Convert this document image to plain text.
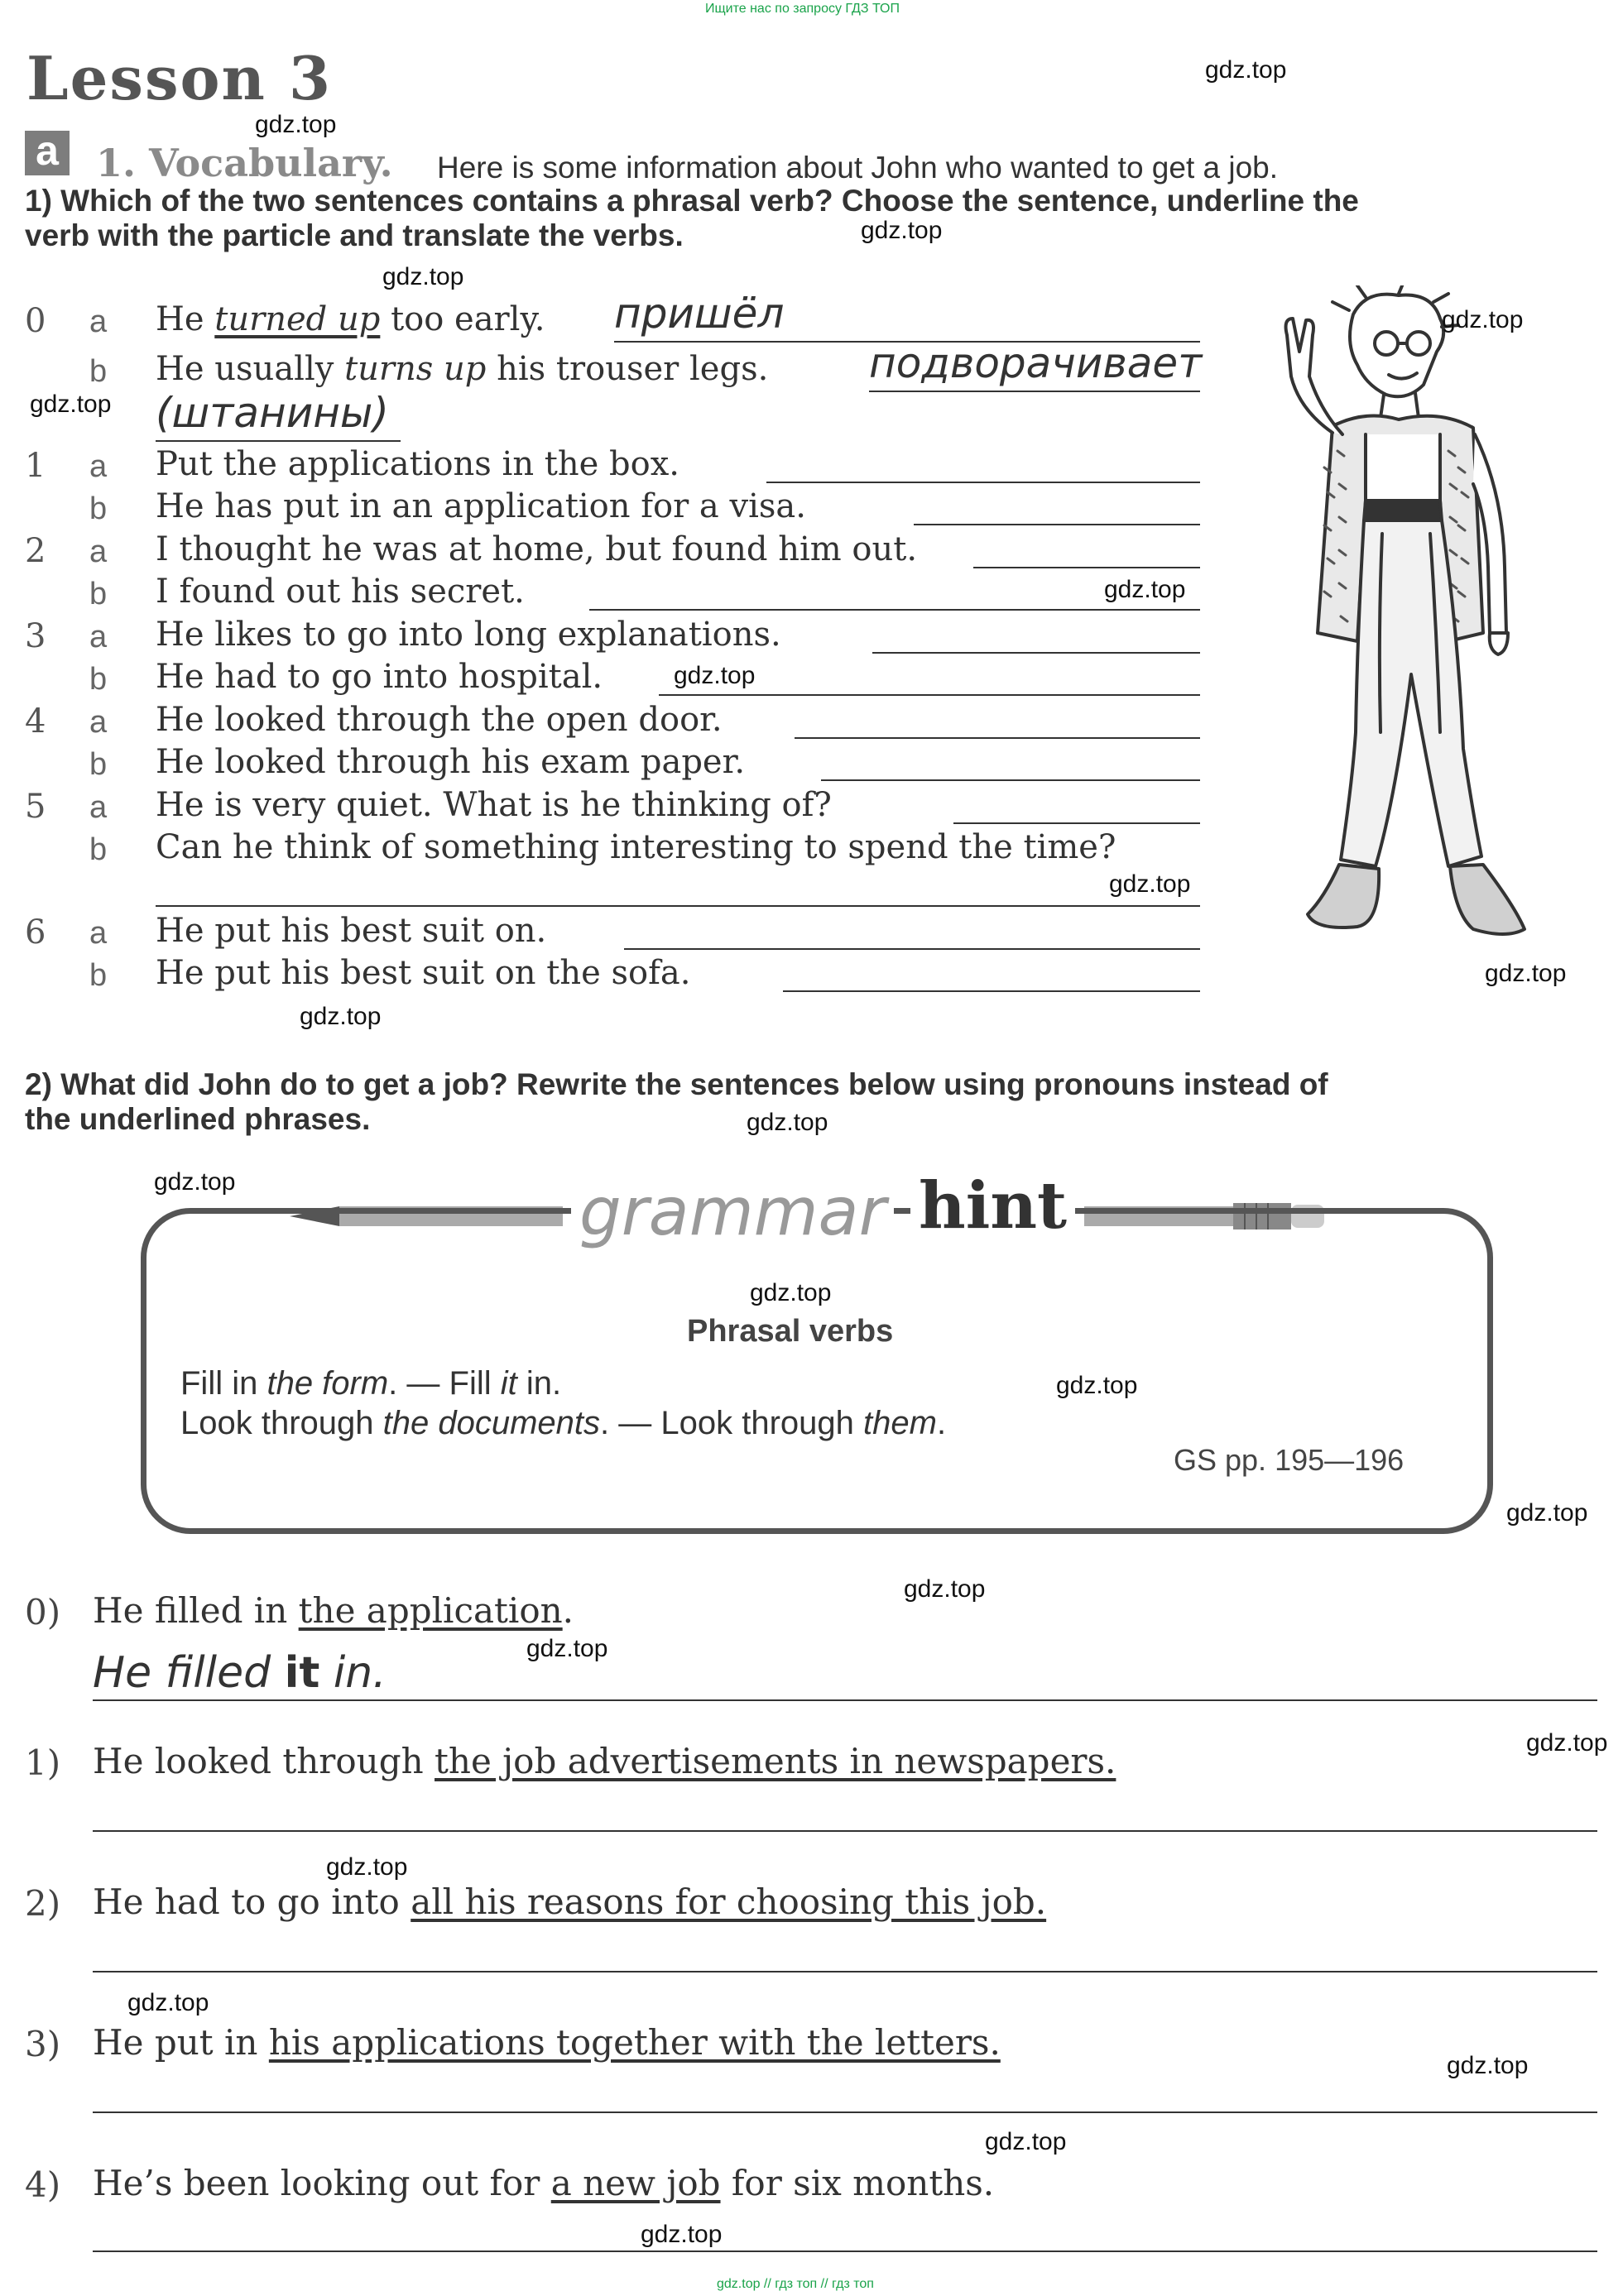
Ищите нас по запросу ГДЗ ТОП
Lesson 3
a 1. Vocabulary. Here is some information about John who wanted to get a job.
1) Which of the two sentences contains a phrasal verb? Choose the sentence, underline the
verb with the particle and translate the verbs.
0 a He turned up too early. пришёл
b He usually turns up his trouser legs. подворачивает
(штанины)
1 a Put the applications in the box.
b He has put in an application for a visa.
2 a I thought he was at home, but found him out.
b I found out his secret.
3 a He likes to go into long explanations.
b He had to go into hospital.
4 a He looked through the open door.
b He looked through his exam paper.
5 a He is very quiet. What is he thinking of?
b Can he think of something interesting to spend the time?
6 a He put his best suit on.
b He put his best suit on the sofa.
2) What did John do to get a job? Rewrite the sentences below using pronouns instead of
the underlined phrases.
grammar hint
Phrasal verbs
Fill in the form. — Fill it in.
Look through the documents. — Look through them.
GS pp. 195—196
0) He filled in the application.
He filled it in.
1) He looked through the job advertisements in newspapers.
2) He had to go into all his reasons for choosing this job.
3) He put in his applications together with the letters.
4) He’s been looking out for a new job for six months.
gdz.top
gdz.top
gdz.top
gdz.top
gdz.top
gdz.top
gdz.top
gdz.top
gdz.top
gdz.top
gdz.top
gdz.top
gdz.top
gdz.top
gdz.top
gdz.top
gdz.top
gdz.top
gdz.top
gdz.top
gdz.top
gdz.top
gdz.top
gdz.top
gdz.top // гдз топ // гдз топ
